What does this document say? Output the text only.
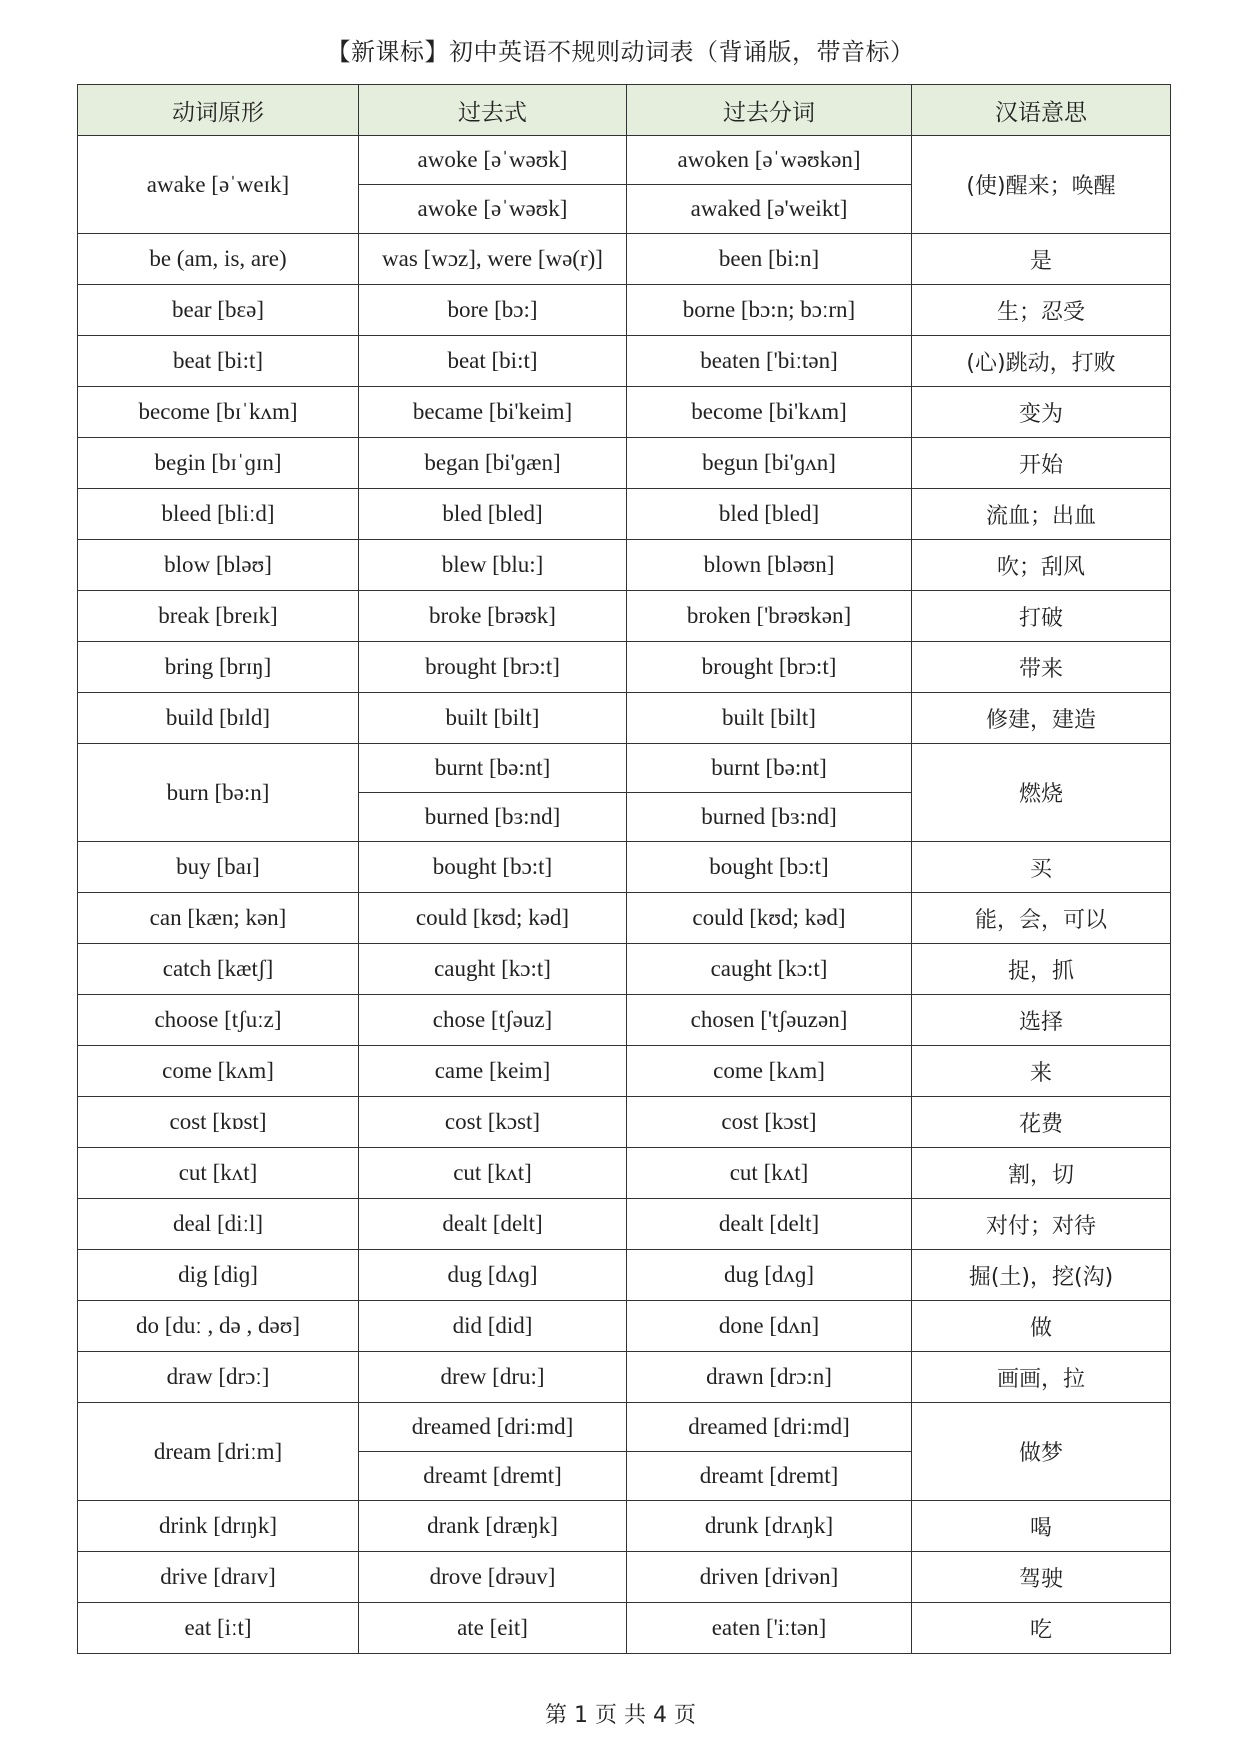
【新课标】初中英语不规则动词表（背诵版，带音标）
动词原形	过去式	过去分词	汉语意思
awake [əˈweɪk]	awoke [əˈwəʊk]	awoken [əˈwəʊkən]	(使)醒来；唤醒
	awoke [əˈwəʊk]	awaked [ə'weikt]	
be (am, is, are)	was [wɔz], were [wə(r)]	been [bi:n]	是
bear [bɛə]	bore [bɔ:]	borne [bɔ:n; bɔːrn]	生；忍受
beat [bi:t]	beat [bi:t]	beaten ['biːtən]	(心)跳动，打败
become [bɪˈkʌm]	became [bi'keim]	become [bi'kʌm]	变为
begin [bɪˈɡɪn]	began [bi'ɡæn]	begun [bi'ɡʌn]	开始
bleed [bliːd]	bled [bled]	bled [bled]	流血；出血
blow [bləʊ]	blew [blu:]	blown [bləʊn]	吹；刮风
break [breɪk]	broke [brəʊk]	broken ['brəʊkən]	打破
bring [brɪŋ]	brought [brɔ:t]	brought [brɔ:t]	带来
build [bɪld]	built [bilt]	built [bilt]	修建，建造
burn [bə:n]	burnt [bə:nt]	burnt [bə:nt]	燃烧
	burned [bɜ:nd]	burned [bɜ:nd]	
buy [baɪ]	bought [bɔ:t]	bought [bɔ:t]	买
can [kæn; kən]	could [kʊd; kəd]	could [kʊd; kəd]	能，会，可以
catch [kætʃ]	caught [kɔ:t]	caught [kɔ:t]	捉，抓
choose [tʃuːz]	chose [tʃəuz]	chosen ['tʃəuzən]	选择
come [kʌm]	came [keim]	come [kʌm]	来
cost [kɒst]	cost [kɔst]	cost [kɔst]	花费
cut [kʌt]	cut [kʌt]	cut [kʌt]	割，切
deal [diːl]	dealt [delt]	dealt [delt]	对付；对待
dig [diɡ]	dug [dʌɡ]	dug [dʌɡ]	掘(土)，挖(沟)
do [duː , də , dəʊ]	did [did]	done [dʌn]	做
draw [drɔː]	drew [dru:]	drawn [drɔ:n]	画画，拉
dream [driːm]	dreamed [dri:md]	dreamed [dri:md]	做梦
	dreamt [dremt]	dreamt [dremt]	
drink [drɪŋk]	drank [dræŋk]	drunk [drʌŋk]	喝
drive [draɪv]	drove [drəuv]	driven [drivən]	驾驶
eat [iːt]	ate [eit]	eaten ['iːtən]	吃
第 1 页 共 4 页
